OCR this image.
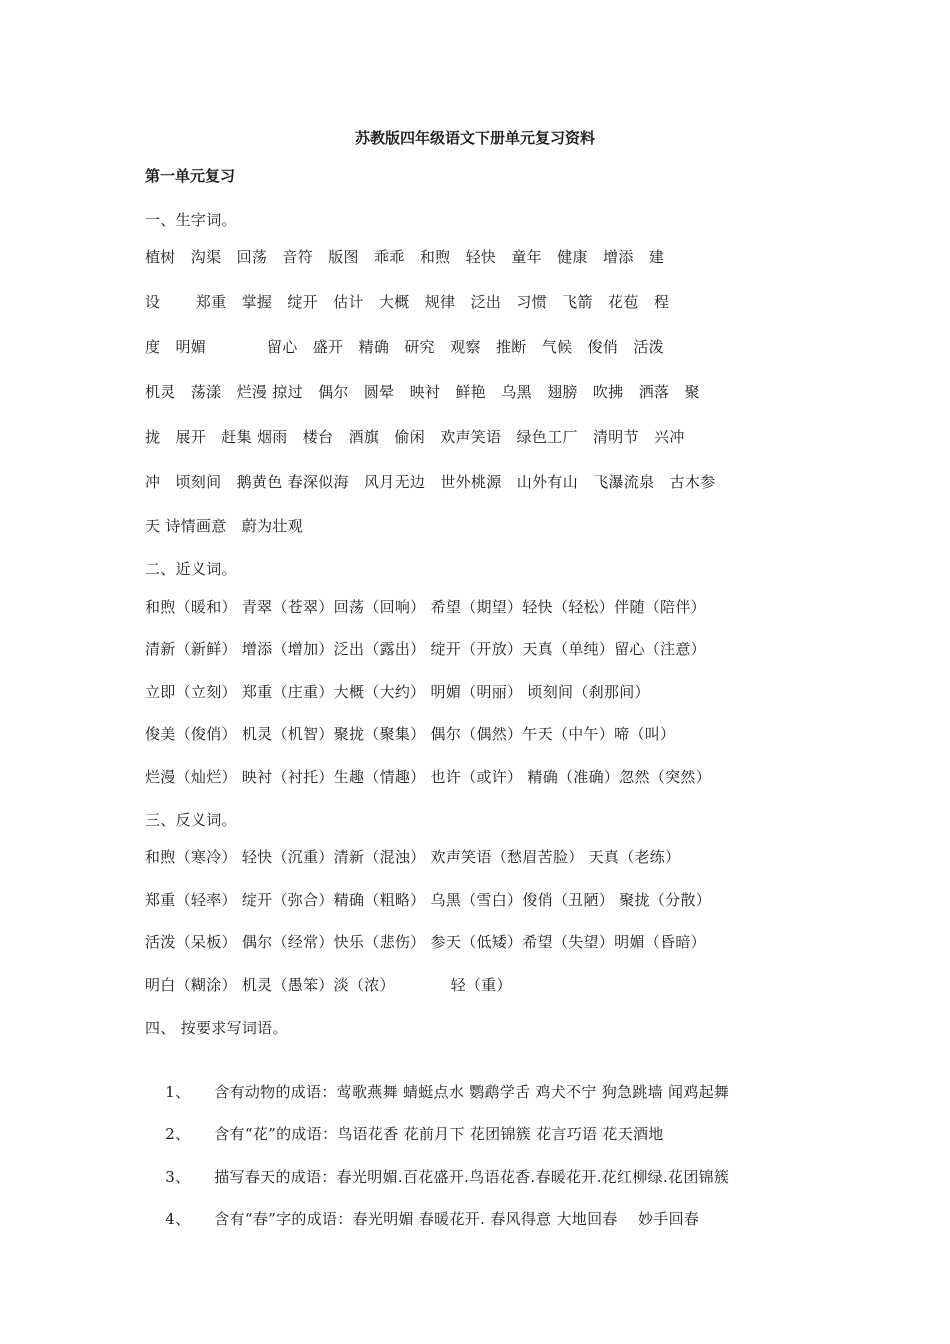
苏教版四年级语文下册单元复习资料
第一单元复习
一、生字词。
植树   沟渠   回荡   音符   版图   乖乖   和煦   轻快   童年   健康   增添   建
设       郑重   掌握   绽开   估计   大概   规律   泛出   习惯   飞箭   花苞   程
度   明媚            留心   盛开   精确   研究   观察   推断   气候   俊俏   活泼
机灵   荡漾   烂漫 掠过   偶尔   圆晕   映衬   鲜艳   乌黑   翅膀   吹拂   洒落   聚
拢   展开   赶集 烟雨   楼台   酒旗   偷闲   欢声笑语   绿色工厂   清明节   兴冲
冲   顷刻间   鹅黄色 春深似海   风月无边   世外桃源   山外有山   飞瀑流泉   古木参
天 诗情画意   蔚为壮观
二、近义词。
和煦（暖和） 青翠（苍翠）回荡（回响） 希望（期望）轻快（轻松）伴随（陪伴）
清新（新鲜） 增添（增加）泛出（露出） 绽开（开放）天真（单纯）留心（注意）
立即（立刻） 郑重（庄重）大概（大约） 明媚（明丽） 顷刻间（刹那间）
俊美（俊俏） 机灵（机智）聚拢（聚集） 偶尔（偶然）午天（中午）啼（叫）
烂漫（灿烂） 映衬（衬托）生趣（情趣） 也许（或许） 精确（准确）忽然（突然）
三、反义词。
和煦（寒冷） 轻快（沉重）清新（混浊） 欢声笑语（愁眉苦脸） 天真（老练）
郑重（轻率） 绽开（弥合）精确（粗略） 乌黑（雪白）俊俏（丑陋） 聚拢（分散）
活泼（呆板） 偶尔（经常）快乐（悲伤） 参天（低矮）希望（失望）明媚（昏暗）
明白（糊涂） 机灵（愚笨）淡（浓）           轻（重）
四、 按要求写词语。

1、 含有动物的成语：莺歌燕舞 蜻蜓点水 鹦鹉学舌 鸡犬不宁 狗急跳墙 闻鸡起舞

2、 含有“花”的成语：鸟语花香 花前月下 花团锦簇 花言巧语 花天酒地

3、 描写春天的成语：春光明媚.百花盛开.鸟语花香.春暖花开.花红柳绿.花团锦簇

4、 含有“春”字的成语：春光明媚 春暖花开. 春风得意 大地回春    妙手回春
